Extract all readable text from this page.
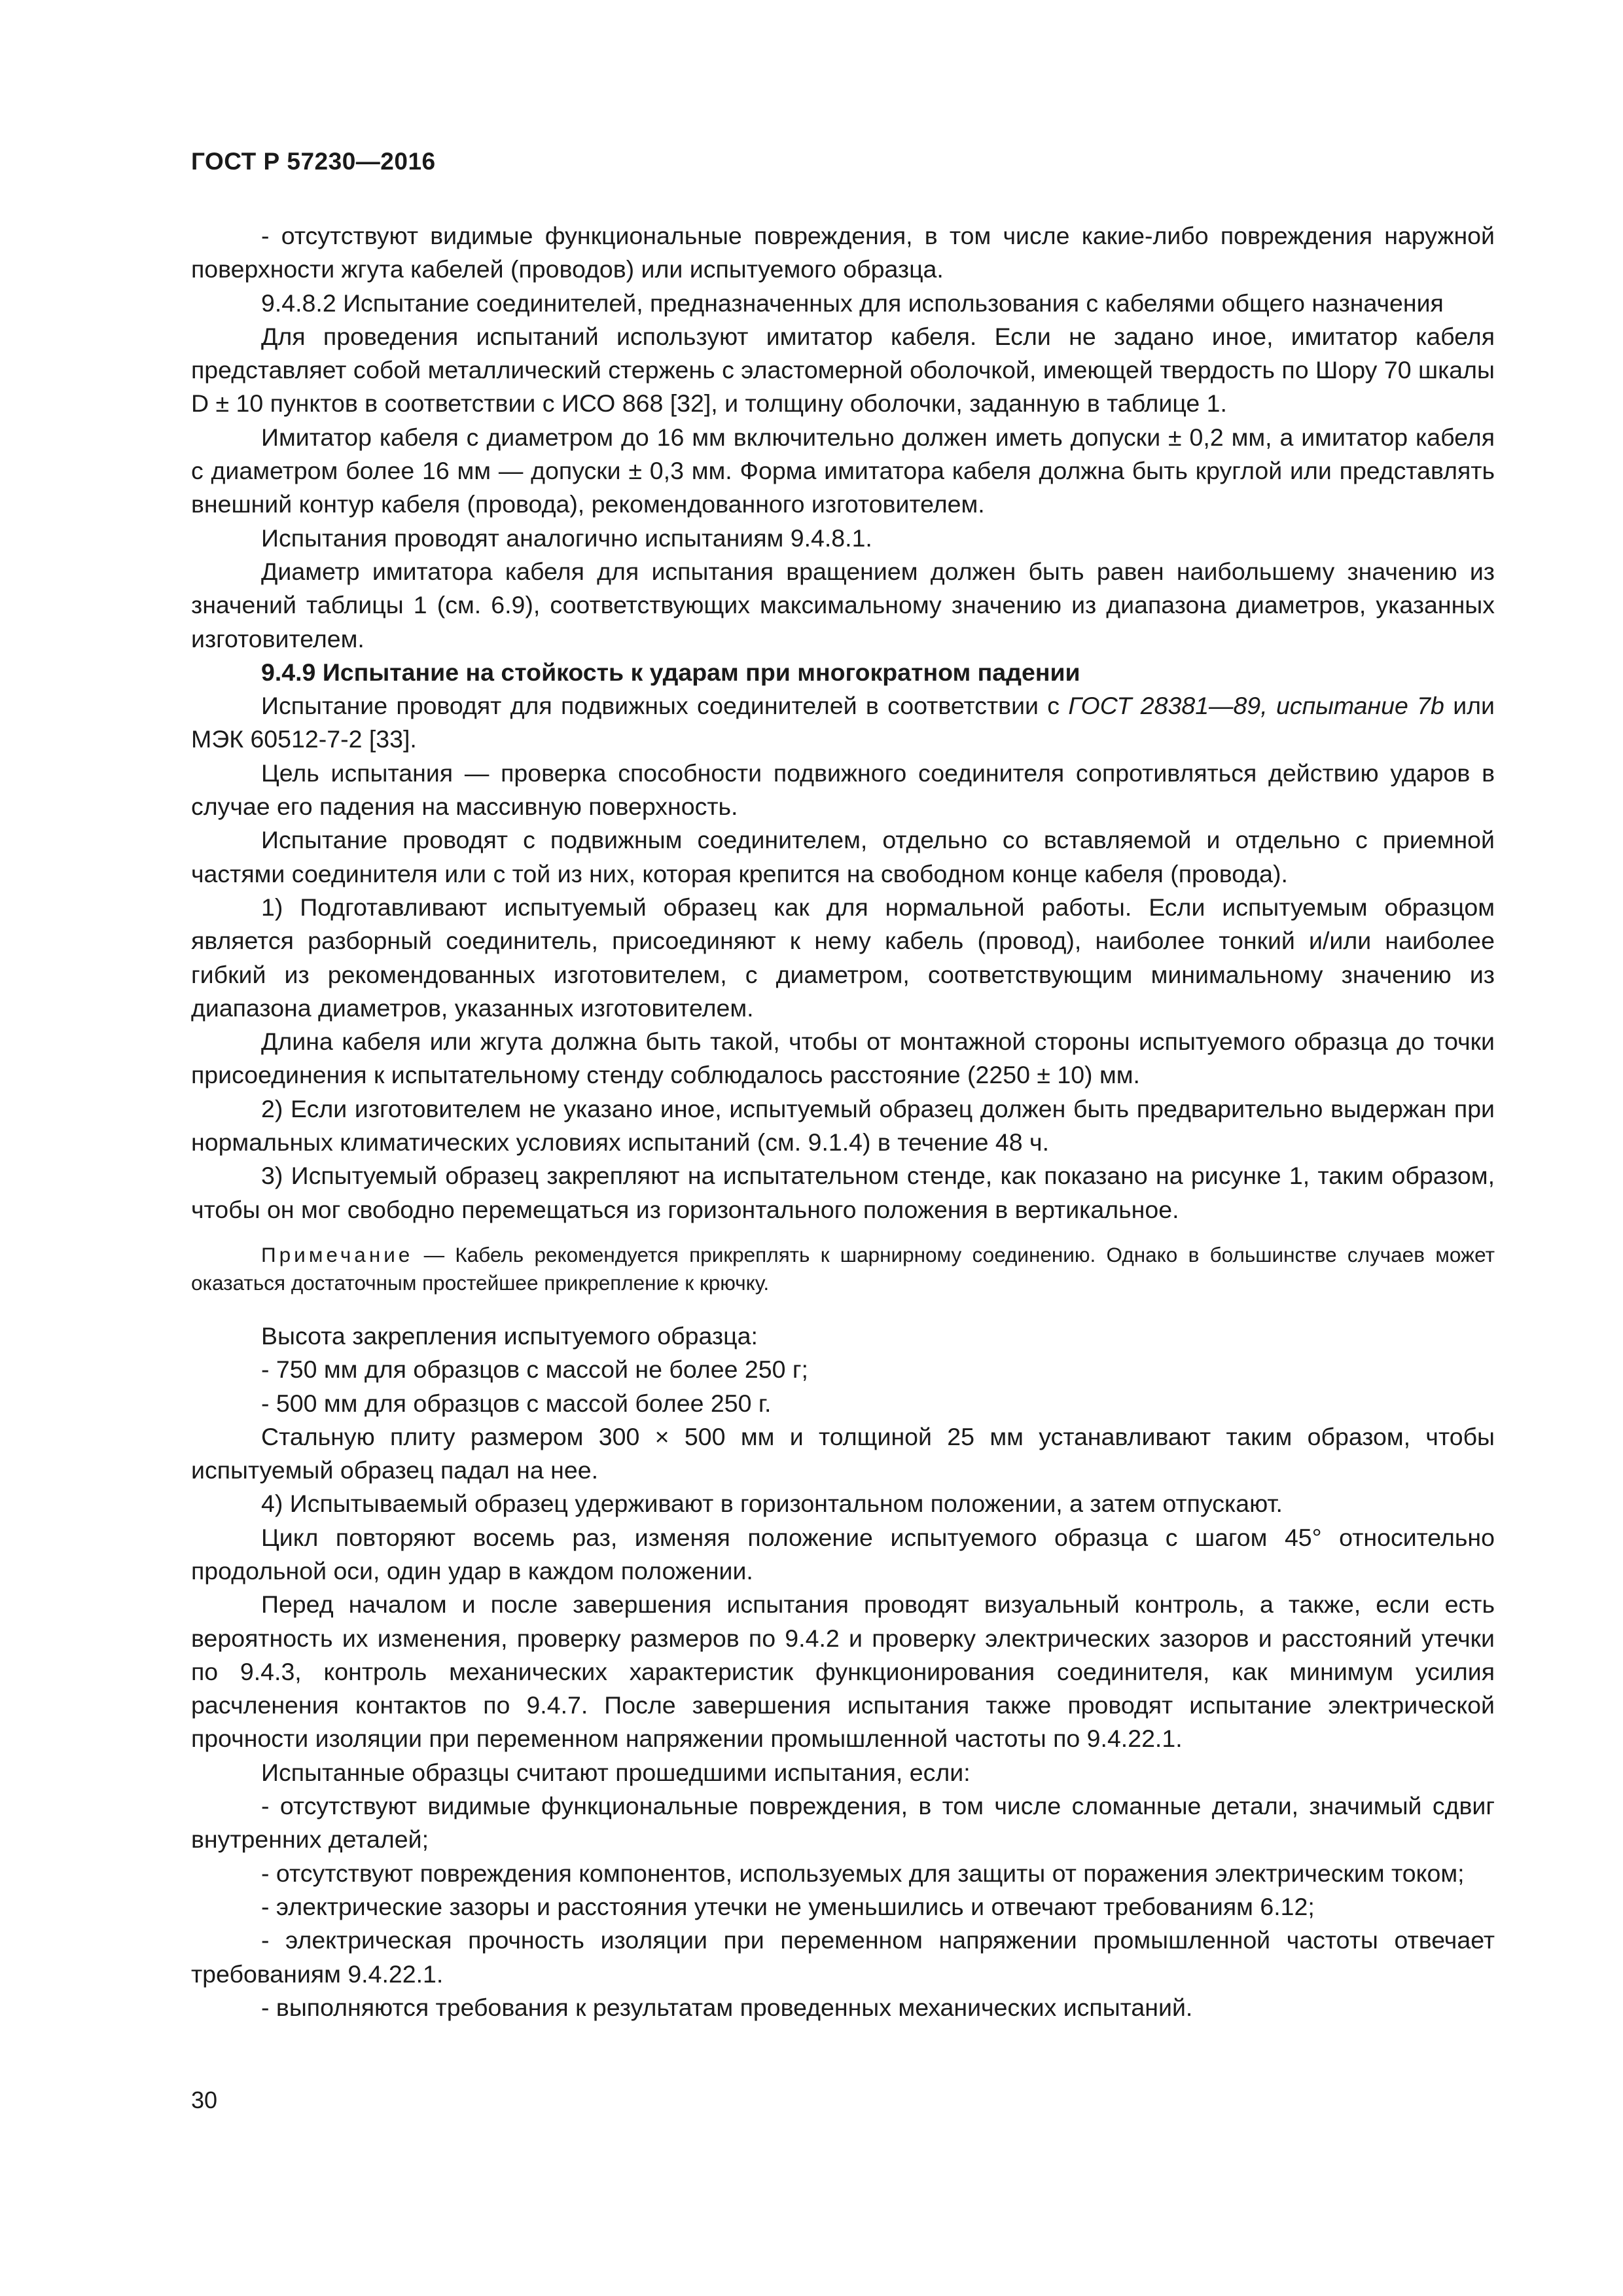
ГОСТ Р 57230—2016

- отсутствуют видимые функциональные повреждения, в том числе какие-либо повреждения наружной поверхности жгута кабелей (проводов) или испытуемого образца.

9.4.8.2 Испытание соединителей, предназначенных для использования с кабелями общего назначения

Для проведения испытаний используют имитатор кабеля. Если не задано иное, имитатор кабеля представляет собой металлический стержень с эластомерной оболочкой, имеющей твердость по Шору 70 шкалы D ± 10 пунктов в соответствии с ИСО 868 [32], и толщину оболочки, заданную в таблице 1.

Имитатор кабеля с диаметром до 16 мм включительно должен иметь допуски ± 0,2 мм, а имитатор кабеля с диаметром более 16 мм — допуски ± 0,3 мм. Форма имитатора кабеля должна быть круглой или представлять внешний контур кабеля (провода), рекомендованного изготовителем.

Испытания проводят аналогично испытаниям 9.4.8.1.

Диаметр имитатора кабеля для испытания вращением должен быть равен наибольшему значению из значений таблицы 1 (см. 6.9), соответствующих максимальному значению из диапазона диаметров, указанных изготовителем.

9.4.9 Испытание на стойкость к ударам при многократном падении

Испытание проводят для подвижных соединителей в соответствии с ГОСТ 28381—89, испытание 7b или МЭК 60512-7-2 [33].

Цель испытания — проверка способности подвижного соединителя сопротивляться действию ударов в случае его падения на массивную поверхность.

Испытание проводят с подвижным соединителем, отдельно со вставляемой и отдельно с приемной частями соединителя или с той из них, которая крепится на свободном конце кабеля (провода).

1) Подготавливают испытуемый образец как для нормальной работы. Если испытуемым образцом является разборный соединитель, присоединяют к нему кабель (провод), наиболее тонкий и/или наиболее гибкий из рекомендованных изготовителем, с диаметром, соответствующим минимальному значению из диапазона диаметров, указанных изготовителем.

Длина кабеля или жгута должна быть такой, чтобы от монтажной стороны испытуемого образца до точки присоединения к испытательному стенду соблюдалось расстояние (2250 ± 10) мм.

2) Если изготовителем не указано иное, испытуемый образец должен быть предварительно выдержан при нормальных климатических условиях испытаний (см. 9.1.4) в течение 48 ч.

3) Испытуемый образец закрепляют на испытательном стенде, как показано на рисунке 1, таким образом, чтобы он мог свободно перемещаться из горизонтального положения в вертикальное.

Примечание — Кабель рекомендуется прикреплять к шарнирному соединению. Однако в большинстве случаев может оказаться достаточным простейшее прикрепление к крючку.

Высота закрепления испытуемого образца:

- 750 мм для образцов с массой не более 250 г;

- 500 мм для образцов с массой более 250 г.

Стальную плиту размером 300 × 500 мм и толщиной 25 мм устанавливают таким образом, чтобы испытуемый образец падал на нее.

4) Испытываемый образец удерживают в горизонтальном положении, а затем отпускают.

Цикл повторяют восемь раз, изменяя положение испытуемого образца с шагом 45° относительно продольной оси, один удар в каждом положении.

Перед началом и после завершения испытания проводят визуальный контроль, а также, если есть вероятность их изменения, проверку размеров по 9.4.2 и проверку электрических зазоров и расстояний утечки по 9.4.3, контроль механических характеристик функционирования соединителя, как минимум усилия расчленения контактов по 9.4.7. После завершения испытания также проводят испытание электрической прочности изоляции при переменном напряжении промышленной частоты по 9.4.22.1.

Испытанные образцы считают прошедшими испытания, если:

- отсутствуют видимые функциональные повреждения, в том числе сломанные детали, значимый сдвиг внутренних деталей;

- отсутствуют повреждения компонентов, используемых для защиты от поражения электрическим током;

- электрические зазоры и расстояния утечки не уменьшились и отвечают требованиям 6.12;

- электрическая прочность изоляции при переменном напряжении промышленной частоты отвечает требованиям 9.4.22.1.

- выполняются требования к результатам проведенных механических испытаний.

30
